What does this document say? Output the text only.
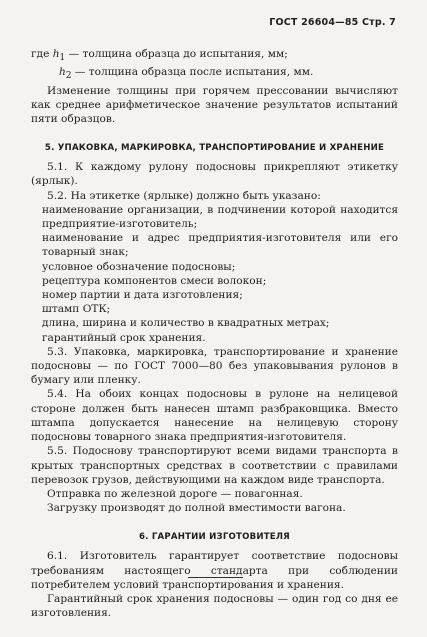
ГОСТ 26604—85 Стр. 7

где $h_1$ — толщина образца до испытания, мм;

$h_2$ — толщина образца после испытания, мм.

Изменение толщины при горячем прессовании вычисляют как среднее арифметическое значение результатов испытаний пяти образцов.

5. УПАКОВКА, МАРКИРОВКА, ТРАНСПОРТИРОВАНИЕ И ХРАНЕНИЕ

5.1. К каждому рулону подосновы прикрепляют этикетку (ярлык).

5.2. На этикетке (ярлыке) должно быть указано:

наименование организации, в подчинении которой находится предприятие-изготовитель;

наименование и адрес предприятия-изготовителя или его товарный знак;

условное обозначение подосновы;

рецептура компонентов смеси волокон;

номер партии и дата изготовления;

штамп ОТК;

длина, ширина и количество в квадратных метрах;

гарантийный срок хранения.

5.3. Упаковка, маркировка, транспортирование и хранение подосновы — по ГОСТ 7000—80 без упаковывания рулонов в бумагу или пленку.

5.4. На обоих концах подосновы в рулоне на нелицевой стороне должен быть нанесен штамп разбраковщика. Вместо штампа допускается нанесение на нелицевую сторону подосновы товарного знака предприятия-изготовителя.

5.5. Подоснову транспортируют всеми видами транспорта в крытых транспортных средствах в соответствии с правилами перевозок грузов, действующими на каждом виде транспорта.

Отправка по железной дороге — повагонная.

Загрузку производят до полной вместимости вагона.

6. ГАРАНТИИ ИЗГОТОВИТЕЛЯ

6.1. Изготовитель гарантирует соответствие подосновы требованиям настоящего стандарта при соблюдении потребителем условий транспортирования и хранения.

Гарантийный срок хранения подосновы — один год со дня ее изготовления.
